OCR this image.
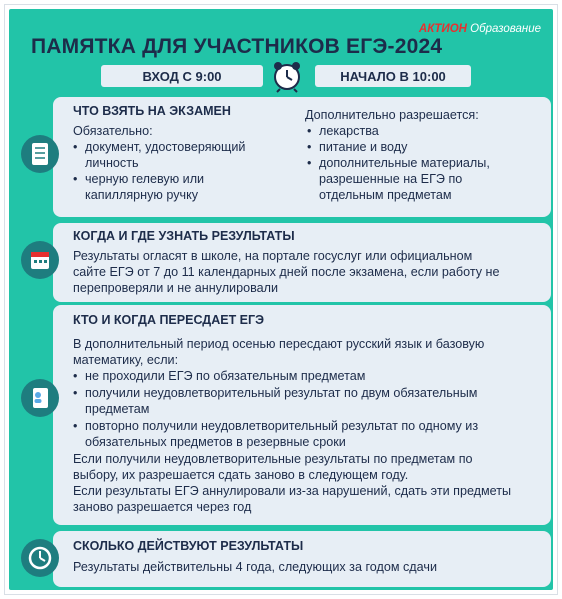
ПАМЯТКА ДЛЯ УЧАСТНИКОВ ЕГЭ-2024
АКТИОН Образование
ВХОД С 9:00	НАЧАЛО В 10:00
ЧТО ВЗЯТЬ НА ЭКЗАМЕН
Обязательно:
• документ, удостоверяющий
личность
• черную гелевую или
капиллярную ручку
Дополнительно разрешается:
• лекарства
• питание и воду
• дополнительные материалы,
разрешенные на ЕГЭ по
отдельным предметам
КОГДА И ГДЕ УЗНАТЬ РЕЗУЛЬТАТЫ
Результаты огласят в школе, на портале госуслуг или официальном
сайте ЕГЭ от 7 до 11 календарных дней после экзамена, если работу не
перепроверяли и не аннулировали
КТО И КОГДА ПЕРЕСДАЕТ ЕГЭ
В дополнительный период осенью пересдают русский язык и базовую
математику, если:
• не проходили ЕГЭ по обязательным предметам
• получили неудовлетворительный результат по двум обязательным
предметам
• повторно получили неудовлетворительный результат по одному из
обязательных предметов в резервные сроки
Если получили неудовлетворительные результаты по предметам по
выбору, их разрешается сдать заново в следующем году.
Если результаты ЕГЭ аннулировали из-за нарушений, сдать эти предметы
заново разрешается через год
СКОЛЬКО ДЕЙСТВУЮТ РЕЗУЛЬТАТЫ
Результаты действительны 4 года, следующих за годом сдачи
